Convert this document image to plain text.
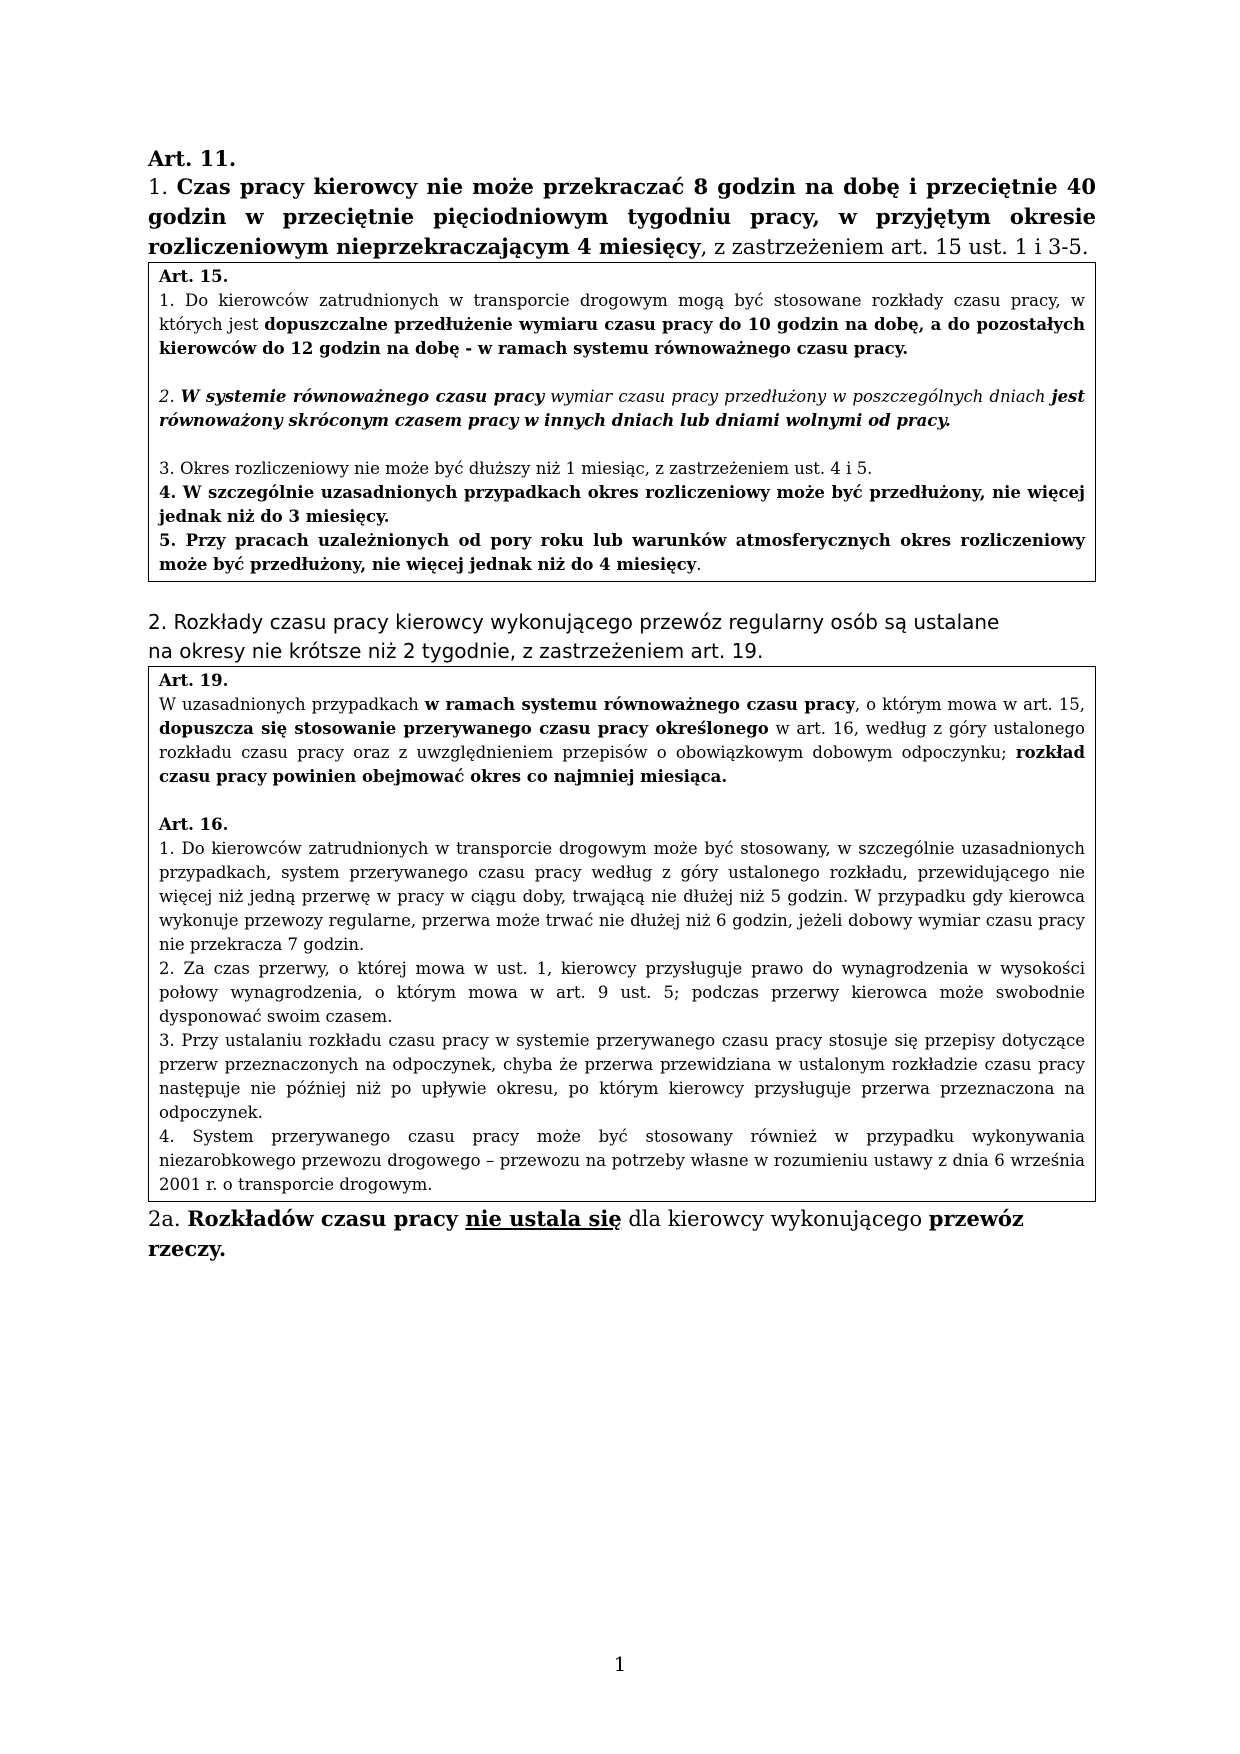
Art. 11.

1. Czas pracy kierowcy nie może przekraczać 8 godzin na dobę i przeciętnie 40 godzin w przeciętnie pięciodniowym tygodniu pracy, w przyjętym okresie rozliczeniowym nieprzekraczającym 4 miesięcy, z zastrzeżeniem art. 15 ust. 1 i 3-5.

Art. 15.

1. Do kierowców zatrudnionych w transporcie drogowym mogą być stosowane rozkłady czasu pracy, w których jest dopuszczalne przedłużenie wymiaru czasu pracy do 10 godzin na dobę, a do pozostałych kierowców do 12 godzin na dobę - w ramach systemu równoważnego czasu pracy.

2. W systemie równoważnego czasu pracy wymiar czasu pracy przedłużony w poszczególnych dniach jest równoważony skróconym czasem pracy w innych dniach lub dniami wolnymi od pracy.

3. Okres rozliczeniowy nie może być dłuższy niż 1 miesiąc, z zastrzeżeniem ust. 4 i 5.

4. W szczególnie uzasadnionych przypadkach okres rozliczeniowy może być przedłużony, nie więcej jednak niż do 3 miesięcy.

5. Przy pracach uzależnionych od pory roku lub warunków atmosferycznych okres rozliczeniowy może być przedłużony, nie więcej jednak niż do 4 miesięcy.

2. Rozkłady czasu pracy kierowcy wykonującego przewóz regularny osób są ustalane
na okresy nie krótsze niż 2 tygodnie, z zastrzeżeniem art. 19.

Art. 19.

W uzasadnionych przypadkach w ramach systemu równoważnego czasu pracy, o którym mowa w art. 15, dopuszcza się stosowanie przerywanego czasu pracy określonego w art. 16, według z góry ustalonego rozkładu czasu pracy oraz z uwzględnieniem przepisów o obowiązkowym dobowym odpoczynku; rozkład czasu pracy powinien obejmować okres co najmniej miesiąca.

Art. 16.

1. Do kierowców zatrudnionych w transporcie drogowym może być stosowany, w szczególnie uzasadnionych przypadkach, system przerywanego czasu pracy według z góry ustalonego rozkładu, przewidującego nie więcej niż jedną przerwę w pracy w ciągu doby, trwającą nie dłużej niż 5 godzin. W przypadku gdy kierowca wykonuje przewozy regularne, przerwa może trwać nie dłużej niż 6 godzin, jeżeli dobowy wymiar czasu pracy nie przekracza 7 godzin.

2. Za czas przerwy, o której mowa w ust. 1, kierowcy przysługuje prawo do wynagrodzenia w wysokości połowy wynagrodzenia, o którym mowa w art. 9 ust. 5; podczas przerwy kierowca może swobodnie dysponować swoim czasem.

3. Przy ustalaniu rozkładu czasu pracy w systemie przerywanego czasu pracy stosuje się przepisy dotyczące przerw przeznaczonych na odpoczynek, chyba że przerwa przewidziana w ustalonym rozkładzie czasu pracy następuje nie później niż po upływie okresu, po którym kierowcy przysługuje przerwa przeznaczona na odpoczynek.

4. System przerywanego czasu pracy może być stosowany również w przypadku wykonywania niezarobkowego przewozu drogowego – przewozu na potrzeby własne w rozumieniu ustawy z dnia 6 września 2001 r. o transporcie drogowym.

2a. Rozkładów czasu pracy nie ustala się dla kierowcy wykonującego przewóz rzeczy.

1
